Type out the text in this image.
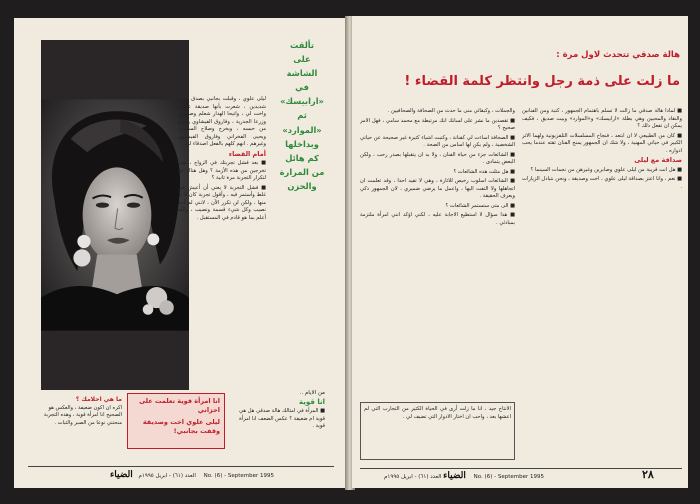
تألقت
على
الشاشة
في
«ارابيسك»
ثم
«الموارد»
وبداخلها
كم هائل
من المرارة
والحزن
انا امرأة قوية تعلمت على احزاني
ليلى علوي اخت وصديقة وقفت بجانبي!
ما هي احلامك ؟
اكره ان اكون ضعيفة ، والعكس هو الصحيح انا امرأة قوية ، وهذه التجربة منحتني نوعا من الصبر والثبات .
من الايام ..
انا قوية
■ المرأة في امثالك هالة صدقي هل هي قوية ام ضعيفة ؟ عكس الضعف انا امرأة قوية .
العدد (٦١) - ابريل ١٩٩٥م الضياء	No. (6) - September 1995
هالة صدقي تتحدث لاول مرة :
ما زلت على ذمة رجل وانتظر كلمة القضاء !

■ لماذا هالة صدقي ما زالت لا تسلم باهتمام الجمهور ، كتبة ومن الفنانين والنقاد والمحبين وهي بطلة «ارابيسك» و«الموارد» وبيت صديق ، فكيف يمكن ان تفعل ذلك ؟

■ كان من الطبيعي لا ان ابتعد ، فنجاح المسلسلات التلفزيونية ولهما الاثر الكبير في حياتي المهنية ، ولا شك ان الجمهور يمنح الفنان ثقته عندما يحب ادواره .

صداقة مع ليلى

■ هل انت قريبة من ليلى علوي وصابرين وغيرهن من نجمات السينما ؟

■ نعم ، وانا اعتز بصداقة ليلى علوي ، اخت وصديقة ، ونحن نتبادل الزيارات .

والجملات ، وكبقائي منى ما حدث من الصحافة والصحافيين .

■ تقصدين ما نشر على لسانك انك مرتبطة مع محمد سامي ، فهل الامر صحيح ؟

■ الصحافة اساءت لي كفنانة ، وكتبت اشياء كثيرة غير صحيحة عن حياتي الشخصية ، ولم يكن لها اساس من الصحة .

■ الشائعات جزء من حياة الفنان ، ولا بد ان يتقبلها بصدر رحب ، ولكن البعض يتمادى .

■ هل مثلت هذه الشائعات ؟

■ الشائعات اسلوب رخيص للاثارة ، وهي لا تفيد احدا ، وقد تعلمت ان اتجاهلها ولا التفت اليها ، واعمل ما يرضي ضميري ، لان الجمهور ذكي ويعرف الحقيقة .

■ الى متى ستستمر الشائعات ؟

■ هذا سؤال لا استطيع الاجابة عليه ، لكني اؤكد انني امرأة ملتزمة بمبادئي .

الانتاج جيد ، انا ما زلت أرى في الحياة الكثير من التجارب التي لم اعشها بعد ، واحب ان اختار الادوار التي تضيف لي .
الضياء العدد (٦١) - ابريل ١٩٩٥م	No. (6) - September 1995	٢٨

ليلى علوي ، وقبلت بجانبي بصدق رحب شديدين ، شعرت بأنها صديقة عزيزة واخت لي ، واتيحا الهدار شعلم وصابرين وزرعا الجذرية ، وفاروق الفيشاوي وخرج من حبسه ، ويخرج وصلاح السعدني ويحيى الفخراني وفاروق الفيشاوي وغيرهم . انهم كلهم بالفعل اصدقاء لي .

أمام القضاء

■ بعد فشل تجربتك في الزواج ، متى تخرجين من هذه الأزمة ؟ وهل هناك نية لتكرار التجربة مرة ثانية ؟

■ فشل التجربة لا يعني أن أعيش في غلط وأستمر فيه ، وأقول تجربة كان لا بد منها ، ولكن لن تكرر الآن ، لانني لم أجد نصيب وكل شيء قسمة ونصيب ، والله أعلم بما هو قادم في المستقبل .
